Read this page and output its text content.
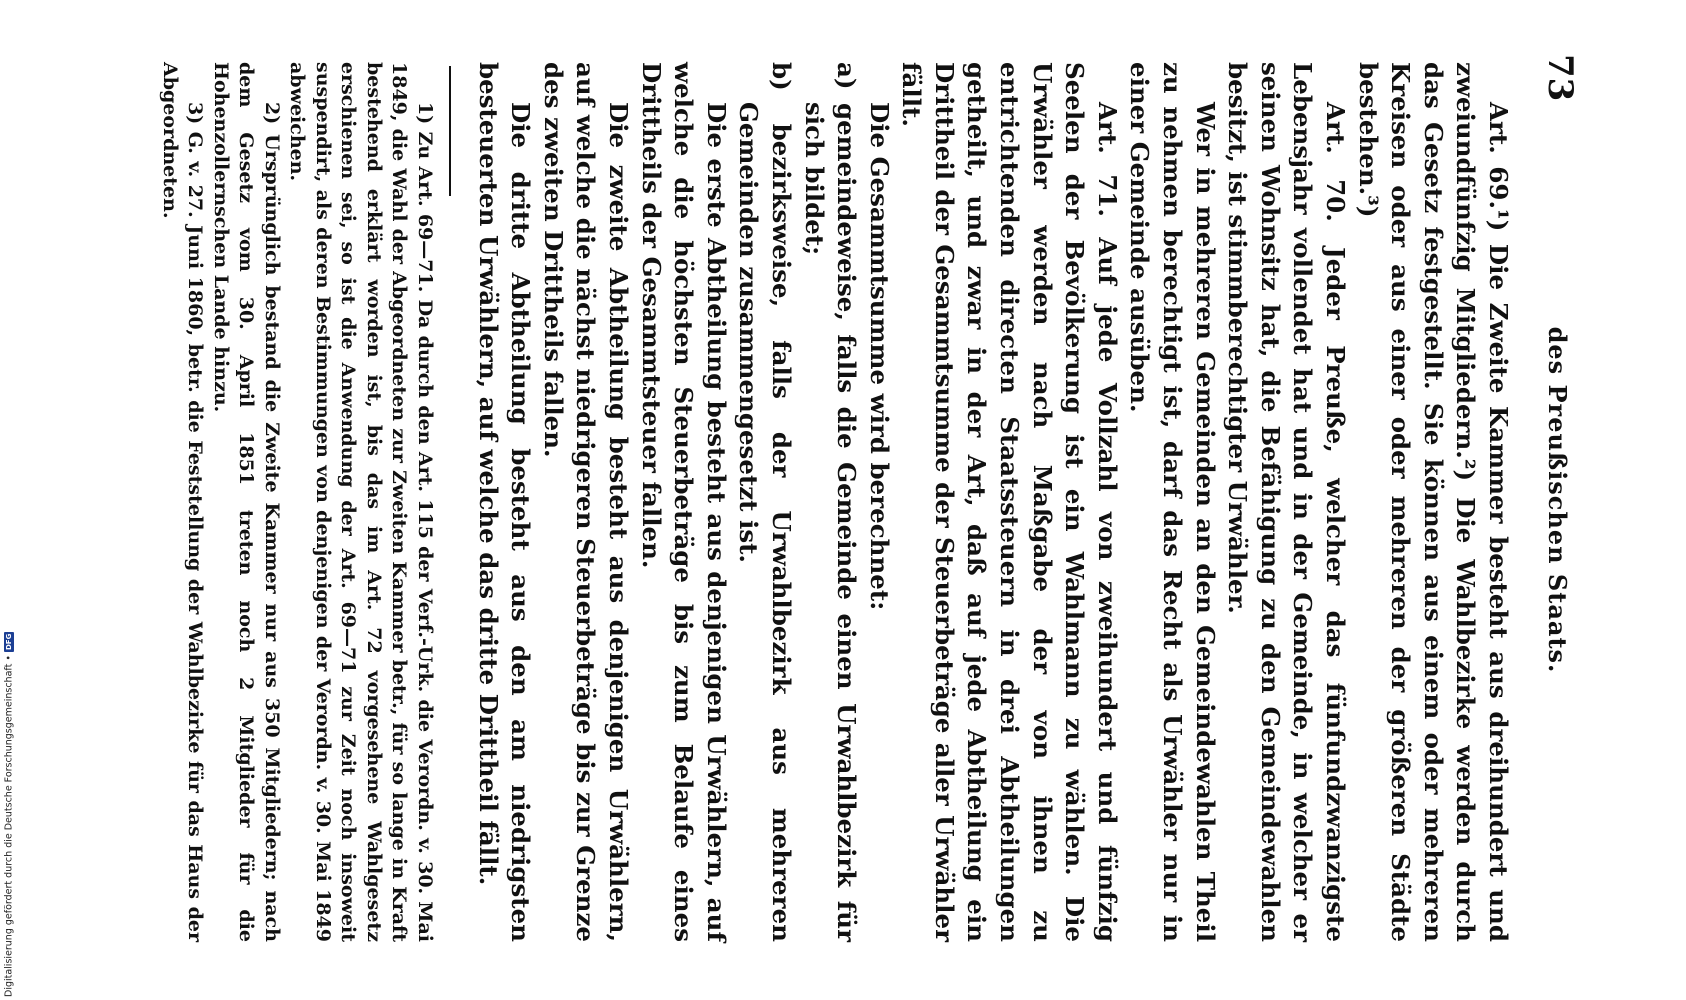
73
des Preußischen Staats.

Art. 69.¹) Die Zweite Kammer besteht aus dreihundert und zweiundfünfzig Mitgliedern.²) Die Wahlbezirke werden durch das Gesetz festgestellt. Sie können aus einem oder mehreren Kreisen oder aus einer oder mehreren der größeren Städte bestehen.³)

Art. 70. Jeder Preuße, welcher das fünfundzwanzigste Lebensjahr vollendet hat und in der Gemeinde, in welcher er seinen Wohnsitz hat, die Befähigung zu den Gemeindewahlen besitzt, ist stimmberechtigter Urwähler.

Wer in mehreren Gemeinden an den Gemeindewahlen Theil zu nehmen berechtigt ist, darf das Recht als Urwähler nur in einer Gemeinde ausüben.

Art. 71. Auf jede Vollzahl von zweihundert und fünfzig Seelen der Bevölkerung ist ein Wahlmann zu wählen. Die Urwähler werden nach Maßgabe der von ihnen zu entrichtenden directen Staatssteuern in drei Abtheilungen getheilt, und zwar in der Art, daß auf jede Abtheilung ein Drittheil der Gesammtsumme der Steuerbeträge aller Urwähler fällt.

Die Gesammtsumme wird berechnet:

a) gemeindeweise, falls die Gemeinde einen Urwahlbezirk für sich bildet;

b) bezirksweise, falls der Urwahlbezirk aus mehreren Gemeinden zusammengesetzt ist.

Die erste Abtheilung besteht aus denjenigen Urwählern, auf welche die höchsten Steuerbeträge bis zum Belaufe eines Drittheils der Gesammtsteuer fallen.

Die zweite Abtheilung besteht aus denjenigen Urwählern, auf welche die nächst niedrigeren Steuerbeträge bis zur Grenze des zweiten Drittheils fallen.

Die dritte Abtheilung besteht aus den am niedrigsten besteuerten Urwählern, auf welche das dritte Drittheil fällt.

1) Zu Art. 69—71. Da durch den Art. 115 der Verf.-Urk. die Verordn. v. 30. Mai 1849, die Wahl der Abgeordneten zur Zweiten Kammer betr., für so lange in Kraft bestehend erklärt worden ist, bis das im Art. 72 vorgesehene Wahlgesetz erschienen sei, so ist die Anwendung der Art. 69—71 zur Zeit noch insoweit suspendirt, als deren Bestimmungen von denjenigen der Verordn. v. 30. Mai 1849 abweichen.

2) Ursprünglich bestand die Zweite Kammer nur aus 350 Mitgliedern; nach dem Gesetz vom 30. April 1851 treten noch 2 Mitglieder für die Hohenzollernschen Lande hinzu.

3) G. v. 27. Juni 1860, betr. die Feststellung der Wahlbezirke für das Haus der Abgeordneten.

Digitalisierung gefördert durch die Deutsche Forschungsgemeinschaft •
DFG
